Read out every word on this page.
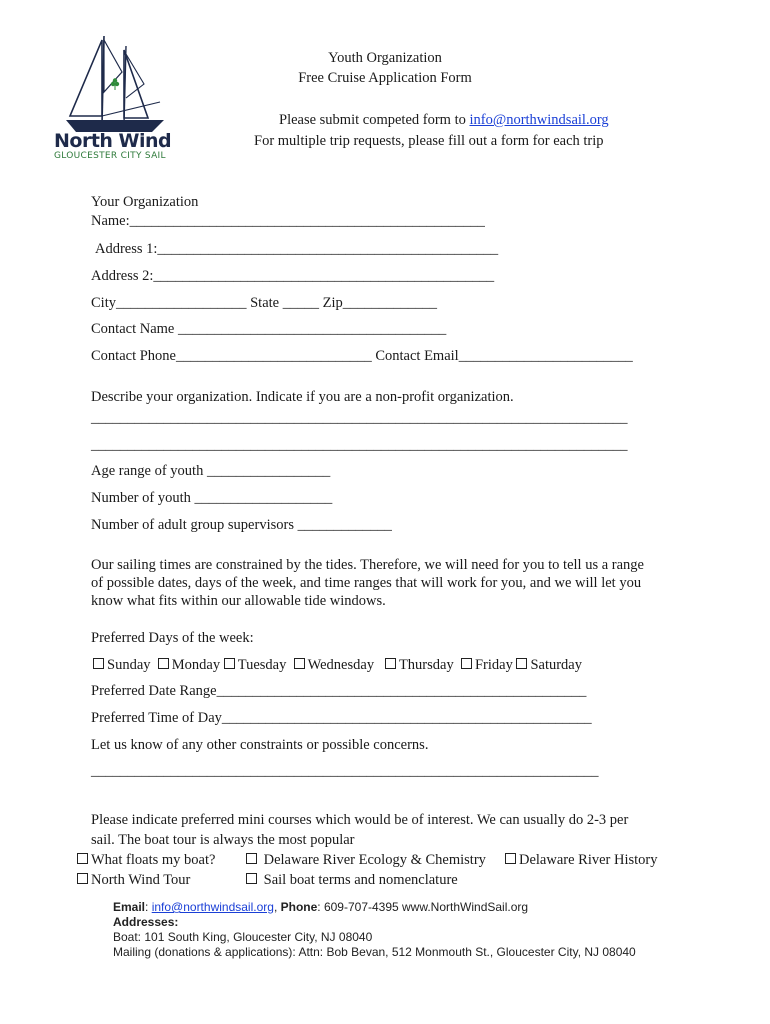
North Wind
GLOUCESTER CITY SAIL
Youth Organization
Free Cruise Application Form
Please submit competed form to info@northwindsail.org
For multiple trip requests, please fill out a form for each trip
Your Organization
Name:_________________________________________________
Address 1:_______________________________________________
Address 2:_______________________________________________
City__________________ State _____ Zip_____________
Contact Name _____________________________________
Contact Phone___________________________ Contact Email________________________
Describe your organization. Indicate if you are a non-profit organization.
__________________________________________________________________________
__________________________________________________________________________
Age range of youth _________________
Number of youth ___________________
Number of adult group supervisors _____________
Our sailing times are constrained by the tides. Therefore, we will need for you to tell us a range
of possible dates, days of the week, and time ranges that will work for you, and we will let you
know what fits within our allowable tide windows.
Preferred Days of the week:
Sunday Monday Tuesday Wednesday Thursday Friday Saturday
Preferred Date Range___________________________________________________
Preferred Time of Day___________________________________________________
Let us know of any other constraints or possible concerns.
______________________________________________________________________
Please indicate preferred mini courses which would be of interest. We can usually do 2-3 per
sail. The boat tour is always the most popular
What floats my boat?	Delaware River Ecology & Chemistry	Delaware River History
North Wind Tour	Sail boat terms and nomenclature
Email: info@northwindsail.org, Phone: 609-707-4395 www.NorthWindSail.org
Addresses:
Boat: 101 South King, Gloucester City, NJ 08040
Mailing (donations & applications): Attn: Bob Bevan, 512 Monmouth St., Gloucester City, NJ 08040
